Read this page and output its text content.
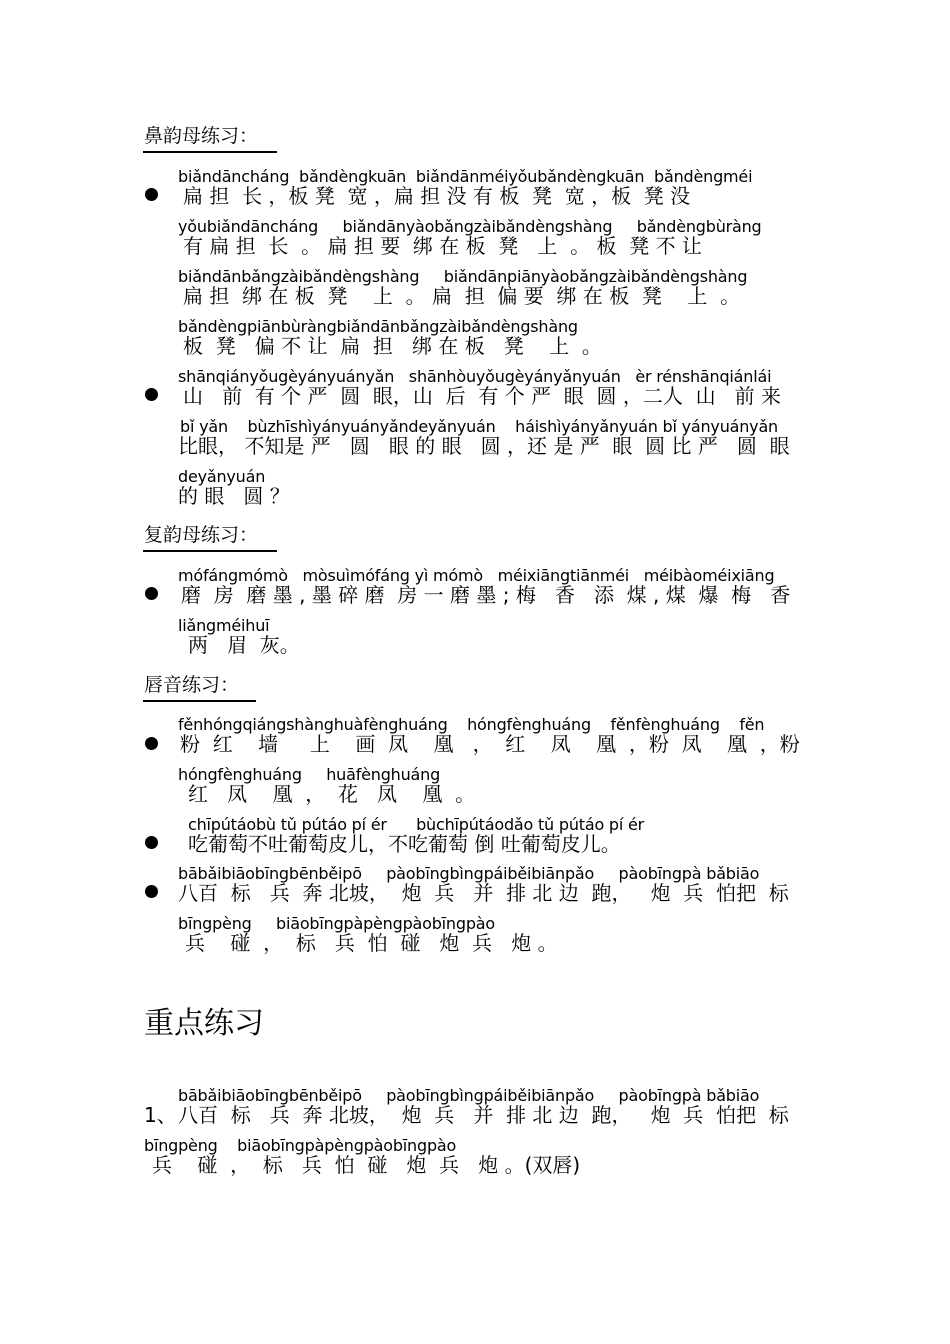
鼻韵母练习：
biǎndāncháng  bǎndèngkuān  biǎndānméiyǒubǎndèngkuān  bǎndèngméi
扁 担  长 ，板 凳  宽 ，扁 担 没 有 板  凳  宽 ，板  凳 没
yǒubiǎndāncháng     biǎndānyàobǎngzàibǎndèngshàng     bǎndèngbùràng
有 扁 担  长  。 扁 担 要  绑 在 板  凳   上  。 板  凳 不 让
biǎndānbǎngzàibǎndèngshàng     biǎndānpiānyàobǎngzàibǎndèngshàng
扁 担  绑 在 板  凳    上  。 扁  担  偏 要  绑 在 板  凳    上  。
bǎndèngpiānbùràngbiǎndānbǎngzàibǎndèngshàng
板  凳   偏 不 让  扁  担   绑 在 板   凳    上  。
shānqiányǒugèyányuányǎn   shānhòuyǒugèyányǎnyuán   èr rénshānqiánlái
山   前  有 个 严  圆  眼，山  后  有 个 严  眼  圆 ，二人  山   前 来
bǐ yǎn    bùzhīshìyányuányǎndeyǎnyuán    háishìyányǎnyuán bǐ yányuányǎn
比眼， 不知是 严   圆   眼 的 眼   圆 ，还 是 严  眼  圆 比 严   圆  眼
deyǎnyuán
的 眼   圆 ？
复韵母练习：
mófángmómò   mòsuìmófáng yì mómò   méixiāngtiānméi   méibàoméixiāng
磨  房  磨 墨 , 墨 碎 磨  房 一 磨 墨 ; 梅   香   添  煤 , 煤  爆  梅   香
liǎngméihuī
两   眉  灰。
唇音练习：
fěnhóngqiángshànghuàfènghuáng    hóngfènghuáng    fěnfènghuáng    fěn
粉  红    墙     上    画  凤    凰   ，  红    凤    凰  ，粉  凤    凰  ，粉
hóngfènghuáng     huāfènghuáng
红   凤    凰  ，  花   凤    凰  。
chīpútáobù tǔ pútáo pí ér      bùchīpútáodǎo tǔ pútáo pí ér
吃葡萄不吐葡萄皮儿，不吃葡萄 倒 吐葡萄皮儿。
bābǎibiāobīngbēnběipō     pàobīngbìngpáiběibiānpǎo     pàobīngpà bǎbiāo
八百  标   兵  奔 北坡，  炮  兵   并  排 北 边  跑，   炮  兵  怕把  标
bīngpèng     biāobīngpàpèngpàobīngpào
兵    碰  ，  标   兵  怕  碰   炮  兵   炮 。
重点练习
bābǎibiāobīngbēnběipō     pàobīngbìngpáiběibiānpǎo     pàobīngpà bǎbiāo
1、 八百  标   兵  奔 北坡，  炮  兵   并  排 北 边  跑，   炮  兵  怕把  标
bīngpèng    biāobīngpàpèngpàobīngpào
兵    碰  ，  标   兵  怕  碰   炮  兵   炮 。(双唇)
